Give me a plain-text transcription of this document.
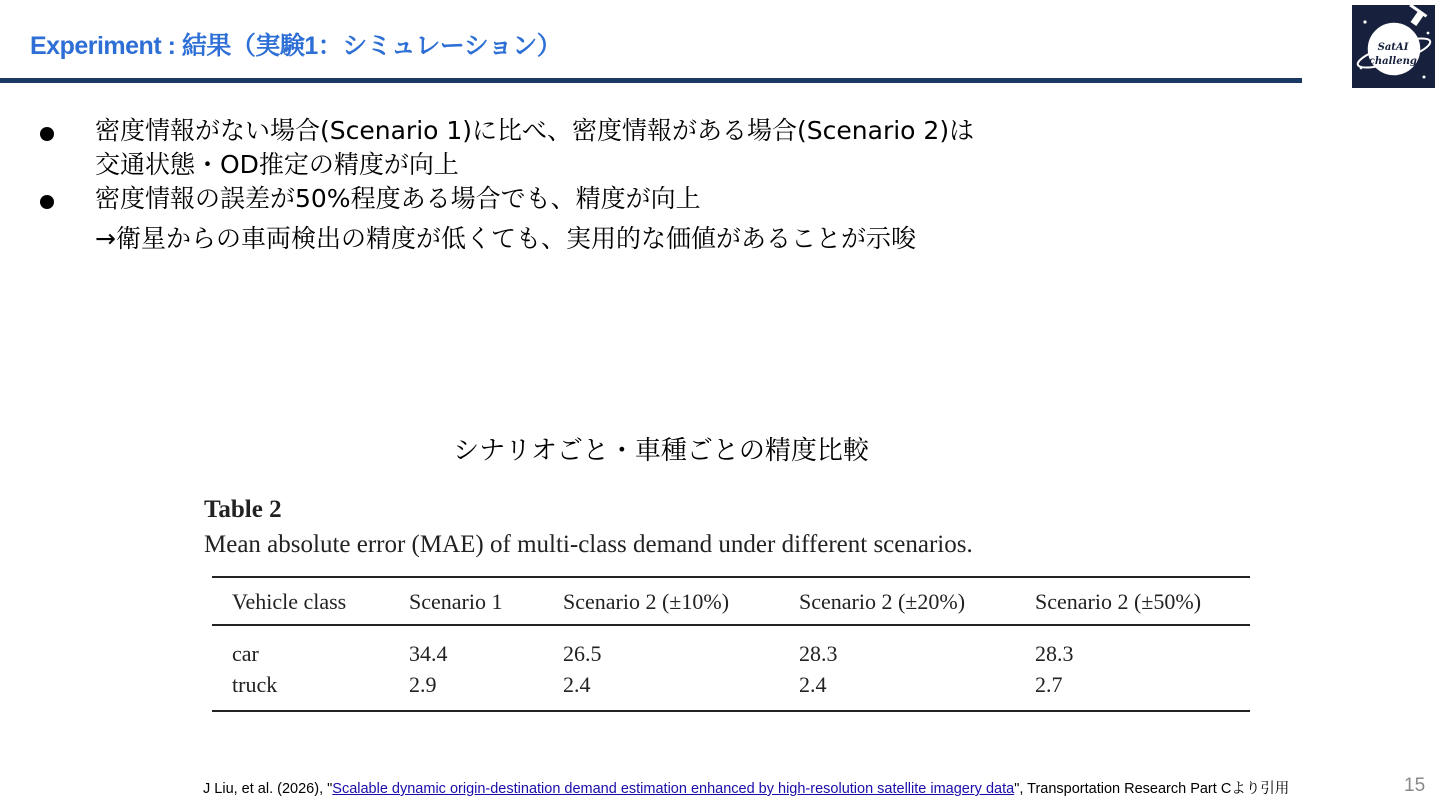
Experiment : 結果（実験1：シミュレーション）	SatAI
challenge
密度情報がない場合(Scenario 1)に比べ、密度情報がある場合(Scenario 2)は
交通状態・OD推定の精度が向上
密度情報の誤差が50%程度ある場合でも、精度が向上
→衛星からの車両検出の精度が低くても、実用的な価値があることが示唆
シナリオごと・車種ごとの精度比較
Table 2
Mean absolute error (MAE) of multi-class demand under different scenarios.
Vehicle class	Scenario 1	Scenario 2 (±10%)	Scenario 2 (±20%)	Scenario 2 (±50%)
car	34.4	26.5	28.3	28.3
truck	2.9	2.4	2.4	2.7
J Liu, et al. (2026), "Scalable dynamic origin-destination demand estimation enhanced by high-resolution satellite imagery data", Transportation Research Part Cより引用	15
